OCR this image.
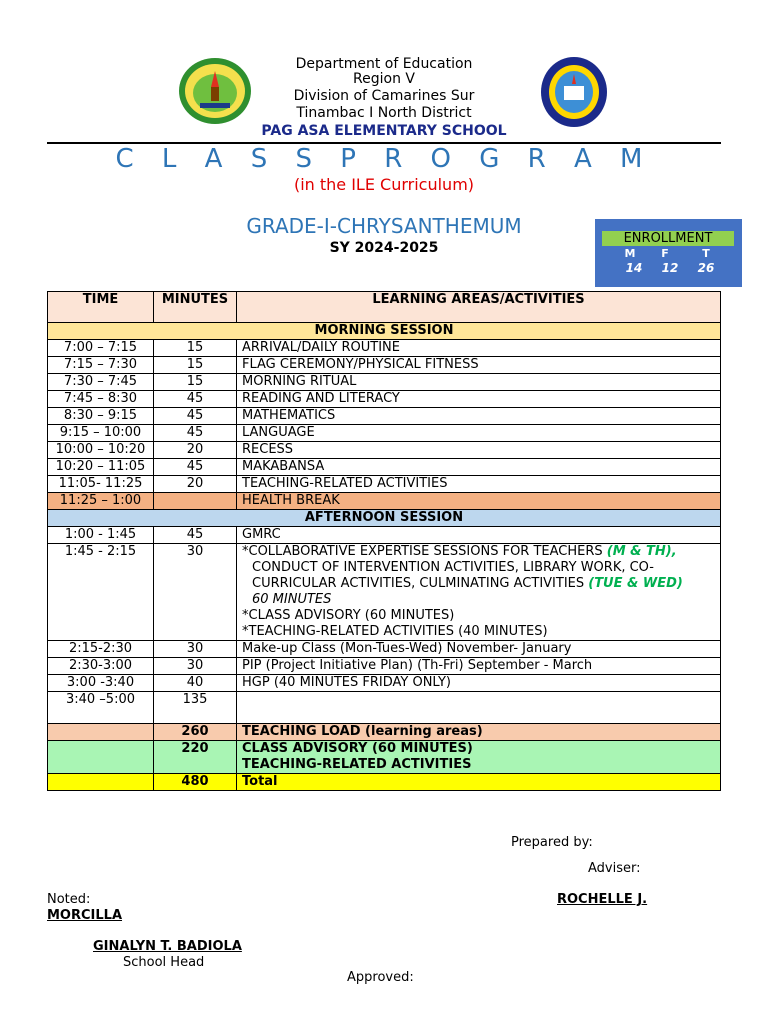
Department of Education
Region V
Division of Camarines Sur
Tinambac I North District
PAG ASA ELEMENTARY SCHOOL
C L A S S P R O G R A M
(in the ILE Curriculum)
GRADE-I-CHRYSANTHEMUM
SY 2024-2025
ENROLLMENT
M	F	T
14	12	26
TIME	MINUTES	LEARNING AREAS/ACTIVITIES
MORNING SESSION		
7:00 – 7:15	15	ARRIVAL/DAILY ROUTINE
7:15 – 7:30	15	FLAG CEREMONY/PHYSICAL FITNESS
7:30 – 7:45	15	MORNING RITUAL
7:45 – 8:30	45	READING AND LITERACY
8:30 – 9:15	45	MATHEMATICS
9:15 – 10:00	45	LANGUAGE
10:00 – 10:20	20	RECESS
10:20 – 11:05	45	MAKABANSA
11:05- 11:25	20	TEACHING-RELATED ACTIVITIES
11:25 – 1:00		HEALTH BREAK
AFTERNOON SESSION		
1:00 - 1:45	45	GMRC
1:45 - 2:15	30	*COLLABORATIVE EXPERTISE SESSIONS FOR TEACHERS (M & TH),
CONDUCT OF INTERVENTION ACTIVITIES, LIBRARY WORK, CO-CURRICULAR ACTIVITIES, CULMINATING ACTIVITIES (TUE & WED)
60 MINUTES
*CLASS ADVISORY (60 MINUTES)
*TEACHING-RELATED ACTIVITIES (40 MINUTES)

2:15-2:30	30	Make-up Class (Mon-Tues-Wed) November- January
2:30-3:00	30	PIP (Project Initiative Plan) (Th-Fri) September - March
3:00 -3:40	40	HGP (40 MINUTES FRIDAY ONLY)
3:40 –5:00	135	
	260	TEACHING LOAD (learning areas)
	220	CLASS ADVISORY (60 MINUTES)
TEACHING-RELATED ACTIVITIES

	480	Total
Prepared by:
Adviser:
ROCHELLE J.
Noted:
MORCILLA
GINALYN T. BADIOLA
School Head
Approved:
